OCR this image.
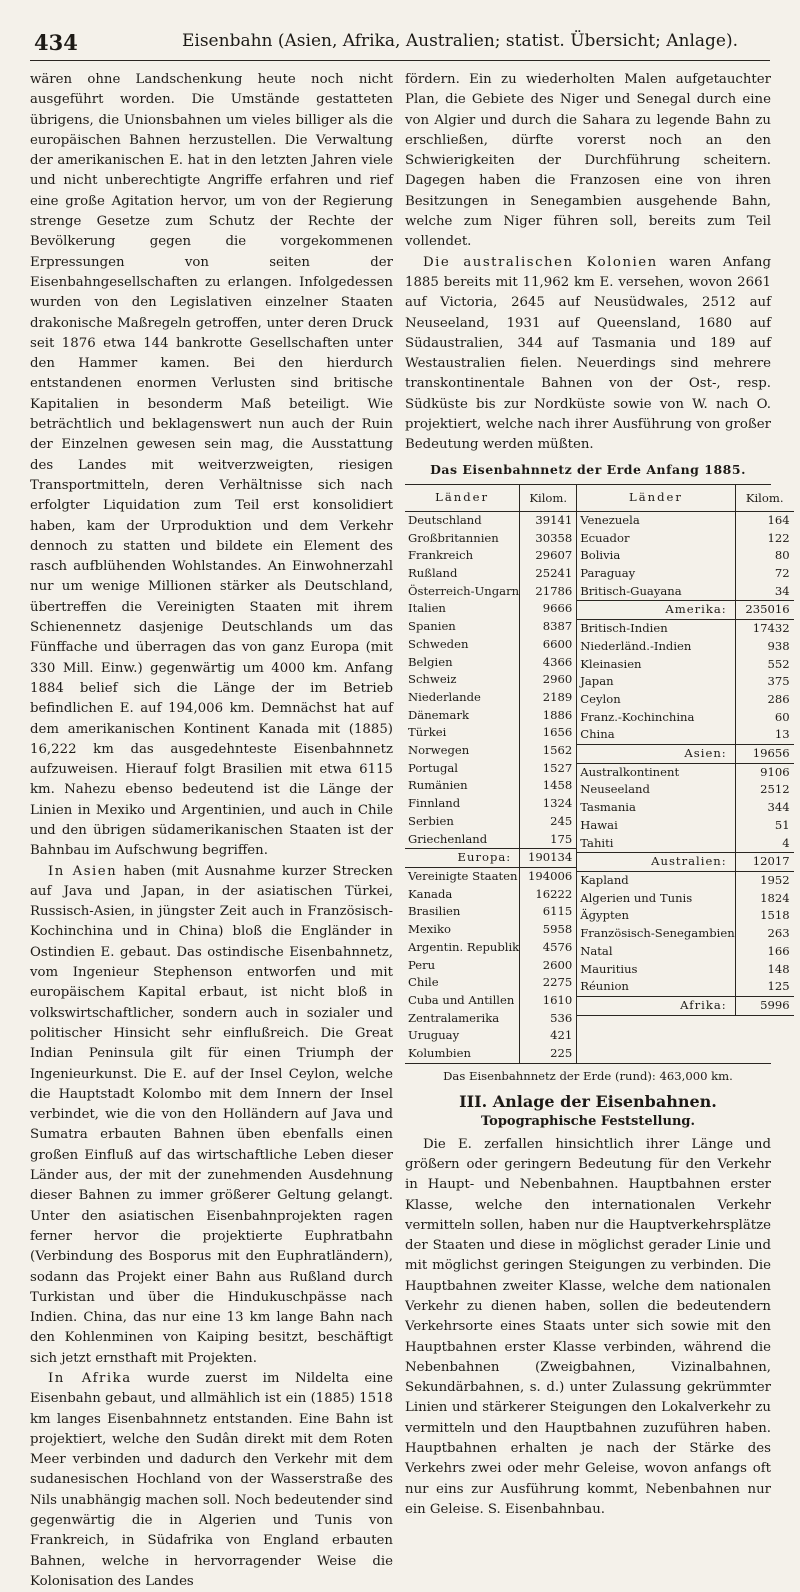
434	Eisenbahn (Asien, Afrika, Australien; statist. Übersicht; Anlage).

wären ohne Landschenkung heute noch nicht ausgeführt worden. Die Umstände gestatteten übrigens, die Unionsbahnen um vieles billiger als die europäischen Bahnen herzustellen. Die Verwaltung der amerikanischen E. hat in den letzten Jahren viele und nicht unberechtigte Angriffe erfahren und rief eine große Agitation hervor, um von der Regierung strenge Gesetze zum Schutz der Rechte der Bevölkerung gegen die vorgekommenen Erpressungen von seiten der Eisenbahngesellschaften zu erlangen. Infolgedessen wurden von den Legislativen einzelner Staaten drakonische Maßregeln getroffen, unter deren Druck seit 1876 etwa 144 bankrotte Gesellschaften unter den Hammer kamen. Bei den hierdurch entstandenen enormen Verlusten sind britische Kapitalien in besonderm Maß beteiligt. Wie beträchtlich und beklagenswert nun auch der Ruin der Einzelnen gewesen sein mag, die Ausstattung des Landes mit weitverzweigten, riesigen Transportmitteln, deren Verhältnisse sich nach erfolgter Liquidation zum Teil erst konsolidiert haben, kam der Urproduktion und dem Verkehr dennoch zu statten und bildete ein Element des rasch aufblühenden Wohlstandes. An Einwohnerzahl nur um wenige Millionen stärker als Deutschland, übertreffen die Vereinigten Staaten mit ihrem Schienennetz dasjenige Deutschlands um das Fünffache und überragen das von ganz Europa (mit 330 Mill. Einw.) gegenwärtig um 4000 km. Anfang 1884 belief sich die Länge der im Betrieb befindlichen E. auf 194,006 km. Demnächst hat auf dem amerikanischen Kontinent Kanada mit (1885) 16,222 km das ausgedehnteste Eisenbahnnetz aufzuweisen. Hierauf folgt Brasilien mit etwa 6115 km. Nahezu ebenso bedeutend ist die Länge der Linien in Mexiko und Argentinien, und auch in Chile und den übrigen südamerikanischen Staaten ist der Bahnbau im Aufschwung begriffen.

In Asien haben (mit Ausnahme kurzer Strecken auf Java und Japan, in der asiatischen Türkei, Russisch-Asien, in jüngster Zeit auch in Französisch-Kochinchina und in China) bloß die Engländer in Ostindien E. gebaut. Das ostindische Eisenbahnnetz, vom Ingenieur Stephenson entworfen und mit europäischem Kapital erbaut, ist nicht bloß in volkswirtschaftlicher, sondern auch in sozialer und politischer Hinsicht sehr einflußreich. Die Great Indian Peninsula gilt für einen Triumph der Ingenieurkunst. Die E. auf der Insel Ceylon, welche die Hauptstadt Kolombo mit dem Innern der Insel verbindet, wie die von den Holländern auf Java und Sumatra erbauten Bahnen üben ebenfalls einen großen Einfluß auf das wirtschaftliche Leben dieser Länder aus, der mit der zunehmenden Ausdehnung dieser Bahnen zu immer größerer Geltung gelangt. Unter den asiatischen Eisenbahnprojekten ragen ferner hervor die projektierte Euphratbahn (Verbindung des Bosporus mit den Euphratländern), sodann das Projekt einer Bahn aus Rußland durch Turkistan und über die Hindukuschpässe nach Indien. China, das nur eine 13 km lange Bahn nach den Kohlenminen von Kaiping besitzt, beschäftigt sich jetzt ernsthaft mit Projekten.

In Afrika wurde zuerst im Nildelta eine Eisenbahn gebaut, und allmählich ist ein (1885) 1518 km langes Eisenbahnnetz entstanden. Eine Bahn ist projektiert, welche den Sudân direkt mit dem Roten Meer verbinden und dadurch den Verkehr mit dem sudanesischen Hochland von der Wasserstraße des Nils unabhängig machen soll. Noch bedeutender sind gegenwärtig die in Algerien und Tunis von Frankreich, in Südafrika von England erbauten Bahnen, welche in hervorragender Weise die Kolonisation des Landes

fördern. Ein zu wiederholten Malen aufgetauchter Plan, die Gebiete des Niger und Senegal durch eine von Algier und durch die Sahara zu legende Bahn zu erschließen, dürfte vorerst noch an den Schwierigkeiten der Durchführung scheitern. Dagegen haben die Franzosen eine von ihren Besitzungen in Senegambien ausgehende Bahn, welche zum Niger führen soll, bereits zum Teil vollendet.

Die australischen Kolonien waren Anfang 1885 bereits mit 11,962 km E. versehen, wovon 2661 auf Victoria, 2645 auf Neusüdwales, 2512 auf Neuseeland, 1931 auf Queensland, 1680 auf Südaustralien, 344 auf Tasmania und 189 auf Westaustralien fielen. Neuerdings sind mehrere transkontinentale Bahnen von der Ost-, resp. Südküste bis zur Nordküste sowie von W. nach O. projektiert, welche nach ihrer Ausführung von großer Bedeutung werden müßten.

Das Eisenbahnnetz der Erde Anfang 1885.
Länder	Kilom.
Deutschland	39141
Großbritannien	30358
Frankreich	29607
Rußland	25241
Österreich-Ungarn	21786
Italien	9666
Spanien	8387
Schweden	6600
Belgien	4366
Schweiz	2960
Niederlande	2189
Dänemark	1886
Türkei	1656
Norwegen	1562
Portugal	1527
Rumänien	1458
Finnland	1324
Serbien	245
Griechenland	175
Europa:	190134
Vereinigte Staaten 194006
Kanada	16222
Brasilien	6115
Mexiko	5958
Argentin. Republik	4576
Peru	2600
Chile	2275
Cuba und Antillen	1610
Zentralamerika	536
Uruguay	421
Kolumbien	225
Länder	Kilom.
Venezuela	164
Ecuador	122
Bolivia	80
Paraguay	72
Britisch-Guayana	34
Amerika:	235016
Britisch-Indien	17432
Niederländ.-Indien	938
Kleinasien	552
Japan	375
Ceylon	286
Franz.-Kochinchina	60
China	13
Asien:	19656
Australkontinent	9106
Neuseeland	2512
Tasmania	344
Hawai	51
Tahiti	4
Australien:	12017
Kapland	1952
Algerien und Tunis	1824
Ägypten	1518
Französisch-Senegambien	263
Natal	166
Mauritius	148
Réunion	125
Afrika:	5996
Das Eisenbahnnetz der Erde (rund): 463,000 km.
III. Anlage der Eisenbahnen.
Topographische Feststellung.

Die E. zerfallen hinsichtlich ihrer Länge und größern oder geringern Bedeutung für den Verkehr in Haupt- und Nebenbahnen. Hauptbahnen erster Klasse, welche den internationalen Verkehr vermitteln sollen, haben nur die Hauptverkehrsplätze der Staaten und diese in möglichst gerader Linie und mit möglichst geringen Steigungen zu verbinden. Die Hauptbahnen zweiter Klasse, welche dem nationalen Verkehr zu dienen haben, sollen die bedeutendern Verkehrsorte eines Staats unter sich sowie mit den Hauptbahnen erster Klasse verbinden, während die Nebenbahnen (Zweigbahnen, Vizinalbahnen, Sekundärbahnen, s. d.) unter Zulassung gekrümmter Linien und stärkerer Steigungen den Lokalverkehr zu vermitteln und den Hauptbahnen zuzuführen haben. Hauptbahnen erhalten je nach der Stärke des Verkehrs zwei oder mehr Geleise, wovon anfangs oft nur eins zur Ausführung kommt, Nebenbahnen nur ein Geleise. S. Eisenbahnbau.
